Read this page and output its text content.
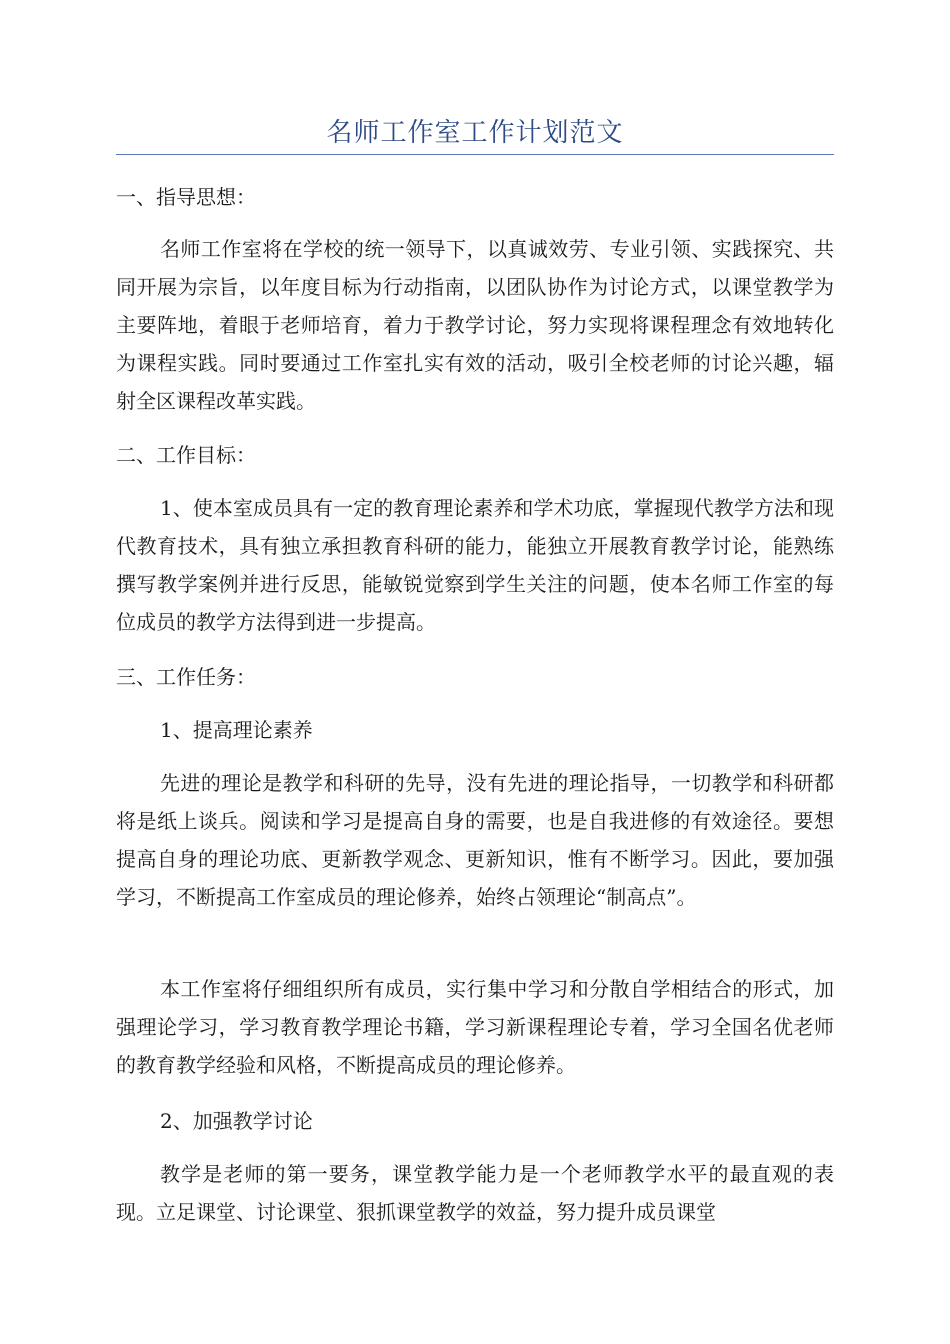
名师工作室工作计划范文

一、指导思想：

名师工作室将在学校的统一领导下，以真诚效劳、专业引领、实践探究、共同开展为宗旨，以年度目标为行动指南，以团队协作为讨论方式，以课堂教学为主要阵地，着眼于老师培育，着力于教学讨论，努力实现将课程理念有效地转化为课程实践。同时要通过工作室扎实有效的活动，吸引全校老师的讨论兴趣，辐射全区课程改革实践。

二、工作目标：

1、使本室成员具有一定的教育理论素养和学术功底，掌握现代教学方法和现代教育技术，具有独立承担教育科研的能力，能独立开展教育教学讨论，能熟练撰写教学案例并进行反思，能敏锐觉察到学生关注的问题，使本名师工作室的每位成员的教学方法得到进一步提高。

三、工作任务：

1、提高理论素养

先进的理论是教学和科研的先导，没有先进的理论指导，一切教学和科研都将是纸上谈兵。阅读和学习是提高自身的需要，也是自我进修的有效途径。要想提高自身的理论功底、更新教学观念、更新知识，惟有不断学习。因此，要加强学习，不断提高工作室成员的理论修养，始终占领理论“制高点”。

本工作室将仔细组织所有成员，实行集中学习和分散自学相结合的形式，加强理论学习，学习教育教学理论书籍，学习新课程理论专着，学习全国名优老师的教育教学经验和风格，不断提高成员的理论修养。

2、加强教学讨论

教学是老师的第一要务，课堂教学能力是一个老师教学水平的最直观的表现。立足课堂、讨论课堂、狠抓课堂教学的效益，努力提升成员课堂
